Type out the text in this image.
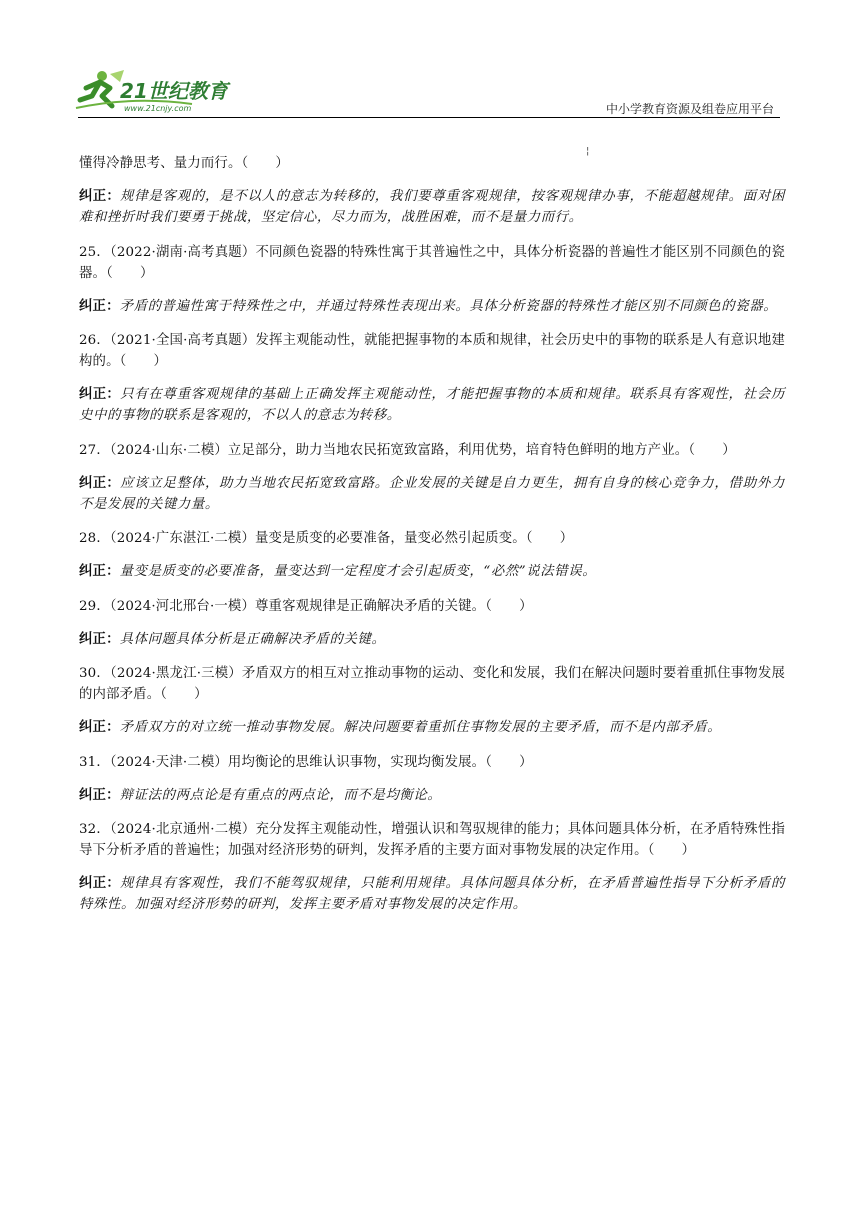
21世纪教育
www.21cnjy.com	中小学教育资源及组卷应用平台
¦

懂得冷静思考、量力而行。（　　）

纠正：规律是客观的，是不以人的意志为转移的，我们要尊重客观规律，按客观规律办事，不能超越规律。面对困难和挫折时我们要勇于挑战，坚定信心，尽力而为，战胜困难，而不是量力而行。

25．（2022·湖南·高考真题）不同颜色瓷器的特殊性寓于其普遍性之中，具体分析瓷器的普遍性才能区别不同颜色的瓷器。（　　）

纠正：矛盾的普遍性寓于特殊性之中，并通过特殊性表现出来。具体分析瓷器的特殊性才能区别不同颜色的瓷器。

26．（2021·全国·高考真题）发挥主观能动性，就能把握事物的本质和规律，社会历史中的事物的联系是人有意识地建构的。（　　）

纠正：只有在尊重客观规律的基础上正确发挥主观能动性，才能把握事物的本质和规律。联系具有客观性，社会历史中的事物的联系是客观的，不以人的意志为转移。

27．（2024·山东·二模）立足部分，助力当地农民拓宽致富路，利用优势，培育特色鲜明的地方产业。（　　）

纠正：应该立足整体，助力当地农民拓宽致富路。企业发展的关键是自力更生，拥有自身的核心竞争力，借助外力不是发展的关键力量。

28．（2024·广东湛江·二模）量变是质变的必要准备，量变必然引起质变。（　　）

纠正：量变是质变的必要准备，量变达到一定程度才会引起质变，“必然”说法错误。

29．（2024·河北邢台·一模）尊重客观规律是正确解决矛盾的关键。（　　）

纠正：具体问题具体分析是正确解决矛盾的关键。

30．（2024·黑龙江·三模）矛盾双方的相互对立推动事物的运动、变化和发展，我们在解决问题时要着重抓住事物发展的内部矛盾。（　　）

纠正：矛盾双方的对立统一推动事物发展。解决问题要着重抓住事物发展的主要矛盾，而不是内部矛盾。

31．（2024·天津·二模）用均衡论的思维认识事物，实现均衡发展。（　　）

纠正：辩证法的两点论是有重点的两点论，而不是均衡论。

32．（2024·北京通州·二模）充分发挥主观能动性，增强认识和驾驭规律的能力；具体问题具体分析，在矛盾特殊性指导下分析矛盾的普遍性；加强对经济形势的研判，发挥矛盾的主要方面对事物发展的决定作用。（　　）

纠正：规律具有客观性，我们不能驾驭规律，只能利用规律。具体问题具体分析，在矛盾普遍性指导下分析矛盾的特殊性。加强对经济形势的研判，发挥主要矛盾对事物发展的决定作用。
